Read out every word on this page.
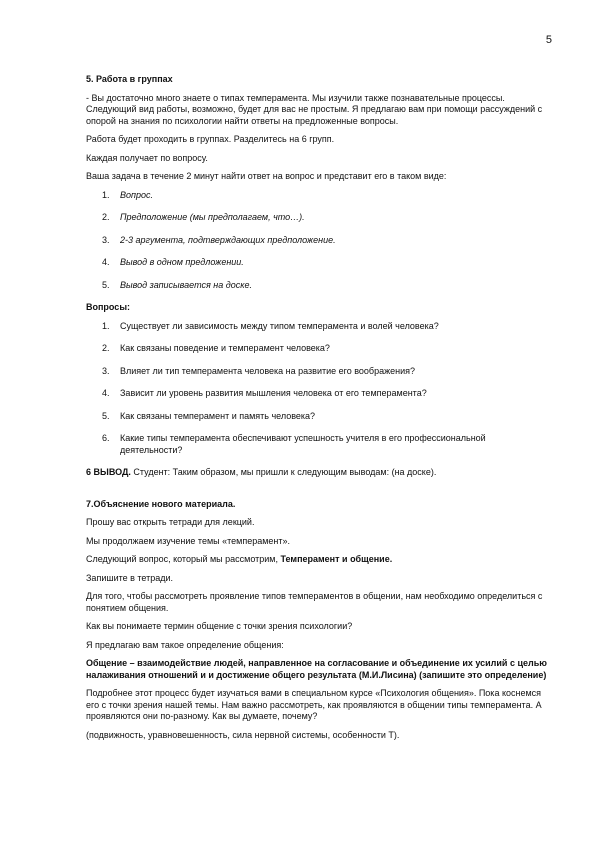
5

5. Работа в группах

- Вы достаточно много знаете о типах темперамента. Мы изучили также познавательные процессы. Следующий вид работы, возможно, будет для вас не простым. Я предлагаю вам при помощи рассуждений с опорой на знания по психологии найти ответы на предложенные вопросы.

Работа будет проходить в группах. Разделитесь на 6 групп.

Каждая получает по вопросу.

Ваша задача в течение 2 минут найти ответ на вопрос и представит его в таком виде:

1. Вопрос.
2. Предположение (мы предполагаем, что…).
3. 2-3 аргумента, подтверждающих предположение.
4. Вывод в одном предложении.
5. Вывод записывается на доске.

Вопросы:

1. Существует ли зависимость между типом темперамента и волей человека?
2. Как связаны поведение и темперамент человека?
3. Влияет ли тип темперамента человека на развитие его воображения?
4. Зависит ли уровень развития мышления человека от его темперамента?
5. Как связаны темперамент и память человека?
6. Какие типы темперамента обеспечивают успешность учителя в его профессиональной деятельности?

6 ВЫВОД. Студент: Таким образом, мы пришли к следующим выводам: (на доске).

7.Объяснение нового материала.

Прошу вас открыть тетради для лекций.

Мы продолжаем изучение темы «темперамент».

Следующий вопрос, который мы рассмотрим, Темперамент и общение.

Запишите в тетради.

Для того, чтобы рассмотреть проявление типов темпераментов в общении, нам необходимо определиться с понятием общения.

Как вы понимаете термин общение с точки зрения психологии?

Я предлагаю вам такое определение общения:

Общение – взаимодействие людей, направленное на согласование и объединение их усилий с целью налаживания отношений и и достижение общего результата (М.И.Лисина) (запишите это определение)

Подробнее этот процесс будет изучаться вами в специальном курсе «Психология общения». Пока коснемся его с точки зрения нашей темы. Нам важно рассмотреть, как проявляются в общении типы темперамента. А проявляются они по-разному. Как вы думаете, почему?

(подвижность, уравновешенность, сила нервной системы, особенности Т).
